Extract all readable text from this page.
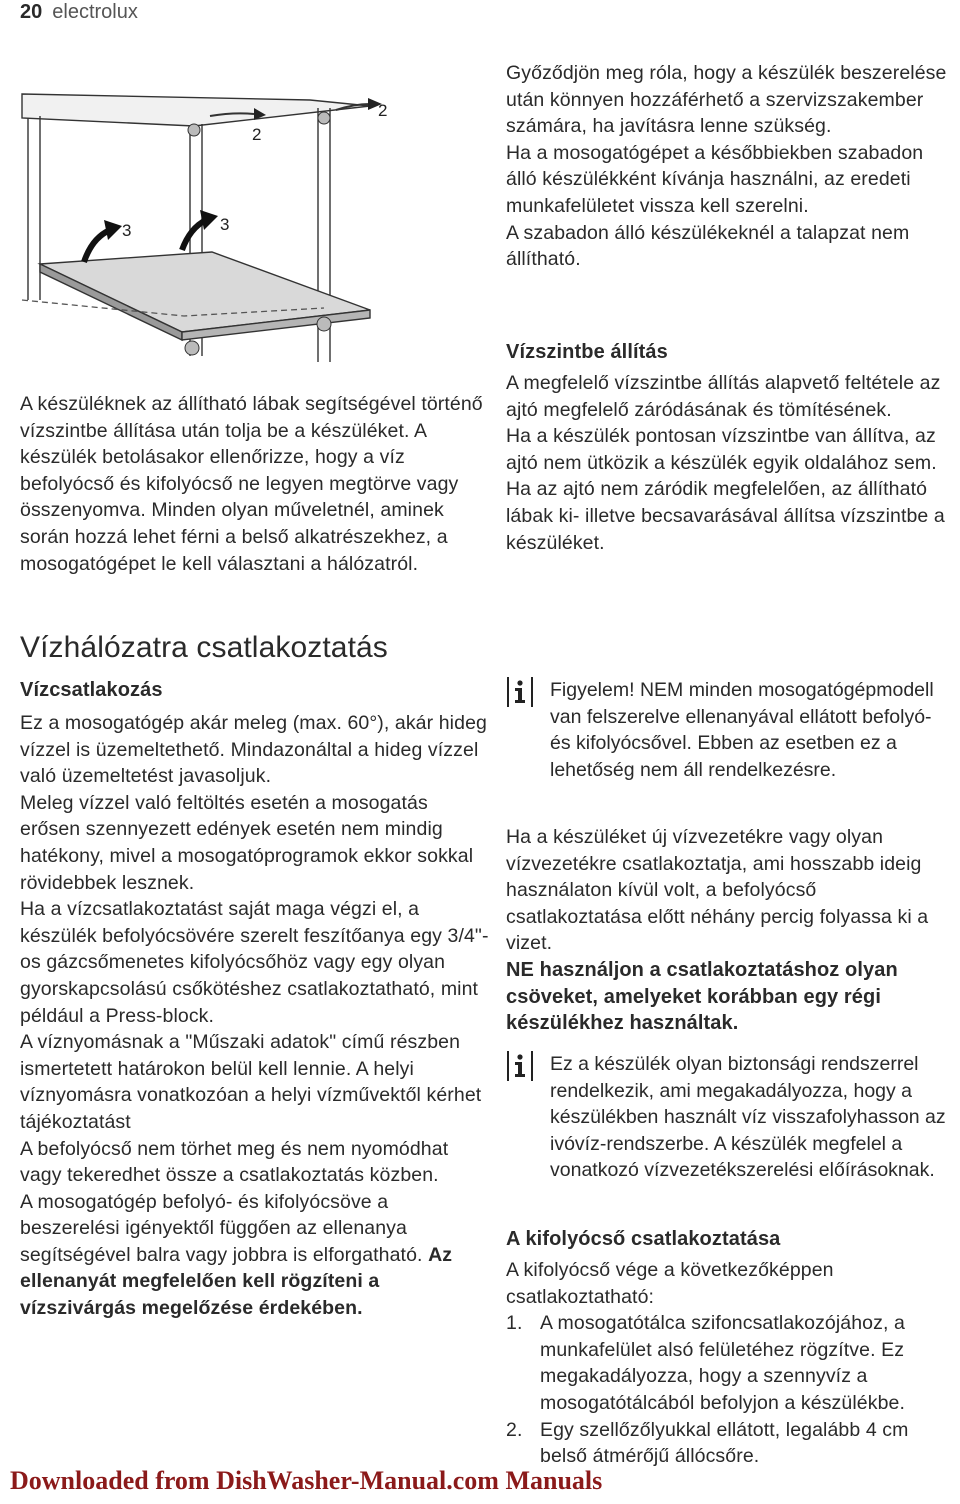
20 electrolux
2
2
3	3

A készüléknek az állítható lábak segítségével történő vízszintbe állítása után tolja be a készüléket. A készülék betolásakor ellenőrizze, hogy a víz befolyócső és kifolyócső ne legyen megtörve vagy összenyomva. Minden olyan műveletnél, aminek során hozzá lehet férni a belső alkatrészekhez, a mosogatógépet le kell választani a hálózatról.

Vízhálózatra csatlakoztatás
Vízcsatlakozás

Ez a mosogatógép akár meleg (max. 60°), akár hideg vízzel is üzemeltethető. Mindazonáltal a hideg vízzel való üzemeltetést javasoljuk.

Meleg vízzel való feltöltés esetén a mosogatás erősen szennyezett edények esetén nem mindig hatékony, mivel a mosogatóprogramok ekkor sokkal rövidebbek lesznek.

Ha a vízcsatlakoztatást saját maga végzi el, a készülék befolyócsövére szerelt feszítőanya egy 3/4"-os gázcsőmenetes kifolyócsőhöz vagy egy olyan gyorskapcsolású csőkötéshez csatlakoztatható, mint például a Press-block.

A víznyomásnak a "Műszaki adatok" című részben ismertetett határokon belül kell lennie. A helyi víznyomásra vonatkozóan a helyi vízművektől kérhet tájékoztatást

A befolyócső nem törhet meg és nem nyomódhat vagy tekeredhet össze a csatlakoztatás közben.

A mosogatógép befolyó- és kifolyócsöve a beszerelési igényektől függően az ellenanya segítségével balra vagy jobbra is elforgatható. Az ellenanyát megfelelően kell rögzíteni a vízszivárgás megelőzése érdekében.

Győződjön meg róla, hogy a készülék beszerelése után könnyen hozzáférhető a szervizszakember számára, ha javításra lenne szükség.

Ha a mosogatógépet a későbbiekben szabadon álló készülékként kívánja használni, az eredeti munkafelületet vissza kell szerelni.

A szabadon álló készülékeknél a talapzat nem állítható.

Vízszintbe állítás

A megfelelő vízszintbe állítás alapvető feltétele az ajtó megfelelő záródásának és tömítésének.

Ha a készülék pontosan vízszintbe van állítva, az ajtó nem ütközik a készülék egyik oldalához sem.

Ha az ajtó nem záródik megfelelően, az állítható lábak ki- illetve becsavarásával állítsa vízszintbe a készüléket.

Figyelem! NEM minden mosogatógépmodell van felszerelve ellenanyával ellátott befolyó- és kifolyócsővel. Ebben az esetben ez a lehetőség nem áll rendelkezésre.

Ha a készüléket új vízvezetékre vagy olyan vízvezetékre csatlakoztatja, ami hosszabb ideig használaton kívül volt, a befolyócső csatlakoztatása előtt néhány percig folyassa ki a vizet.

NE használjon a csatlakoztatáshoz olyan csöveket, amelyeket korábban egy régi készülékhez használtak.

Ez a készülék olyan biztonsági rendszerrel rendelkezik, ami megakadályozza, hogy a készülékben használt víz visszafolyhasson az ivóvíz-rendszerbe. A készülék megfelel a vonatkozó vízvezetékszerelési előírásoknak.
A kifolyócső csatlakoztatása

A kifolyócső vége a következőképpen csatlakoztatható:

1. A mosogatótálca szifoncsatlakozójához, a munkafelület alsó felületéhez rögzítve. Ez megakadályozza, hogy a szennyvíz a mosogatótálcából befolyjon a készülékbe.
2. Egy szellőzőlyukkal ellátott, legalább 4 cm belső átmérőjű állócsőre.
Downloaded from DishWasher-Manual.com Manuals
